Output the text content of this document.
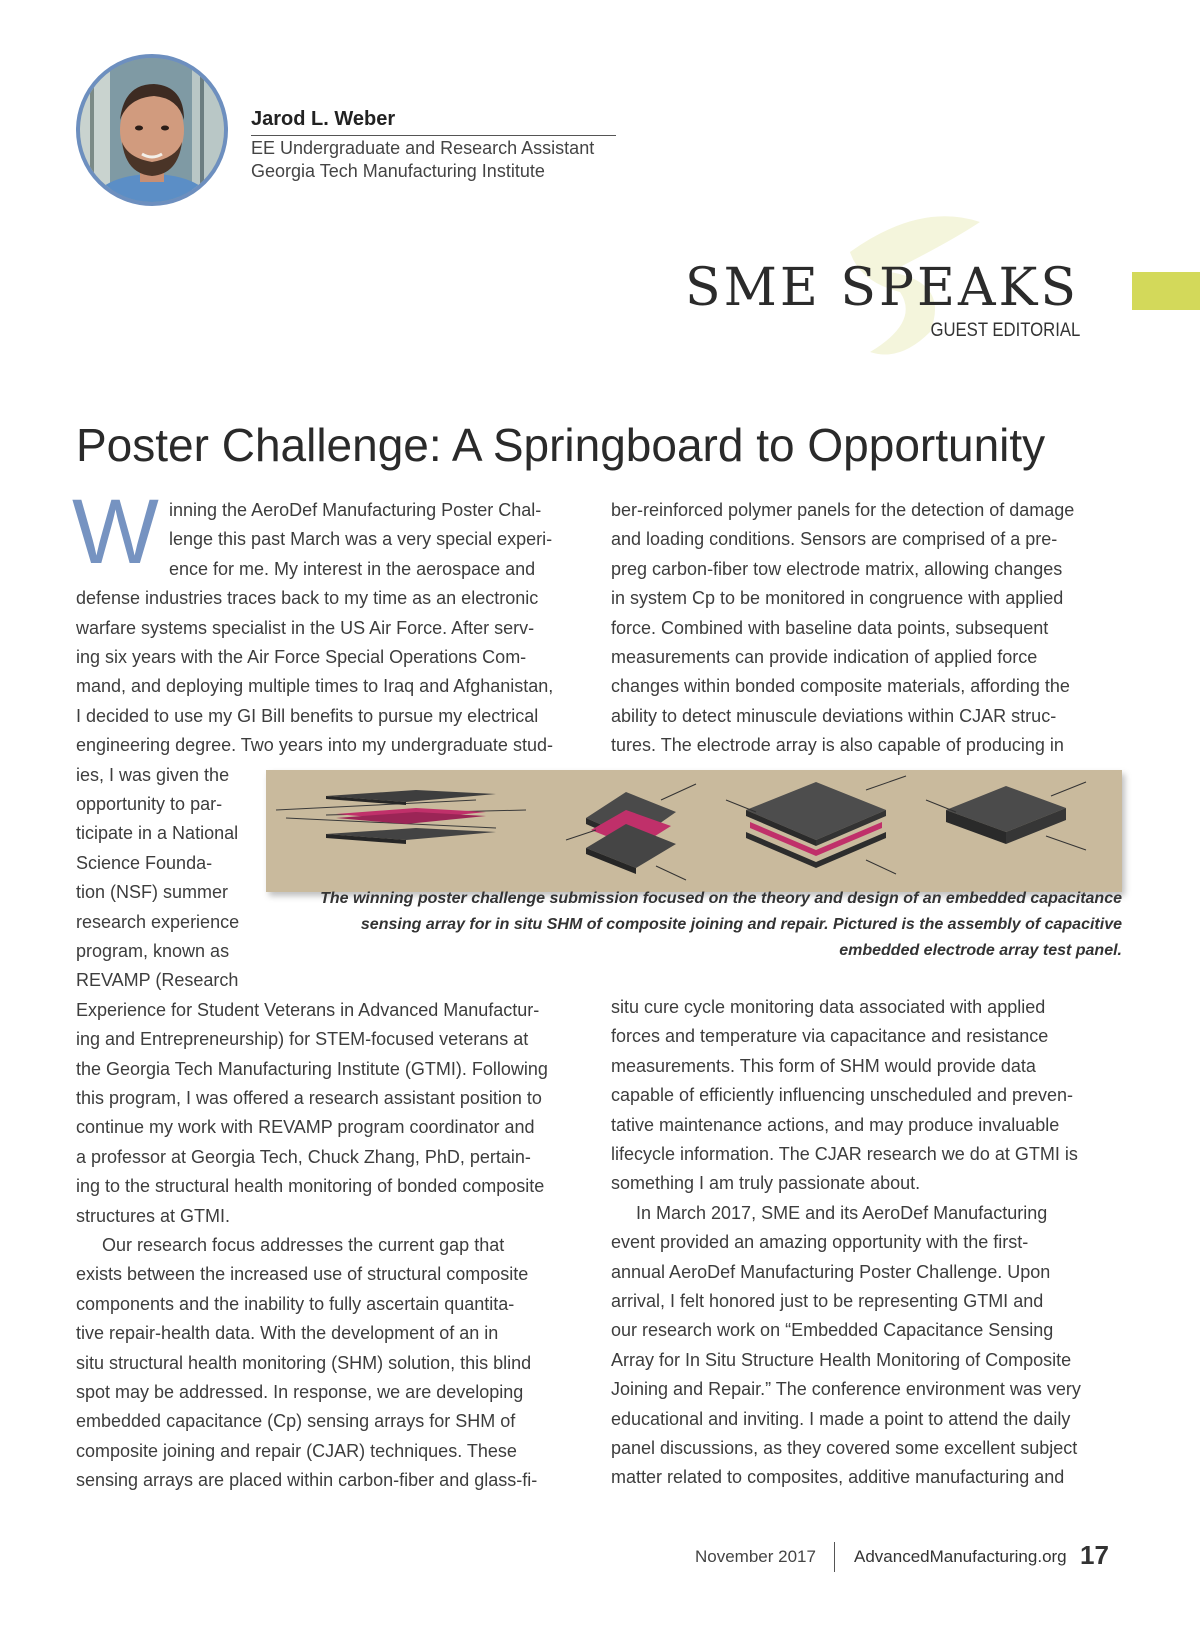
Jarod L. Weber
EE Undergraduate and Research Assistant
Georgia Tech Manufacturing Institute
SME SPEAKS
GUEST EDITORIAL
Poster Challenge: A Springboard to Opportunity
W inning the AeroDef Manufacturing Poster Chal-
lenge this past March was a very special experi-
ence for me. My interest in the aerospace and
defense industries traces back to my time as an electronic
warfare systems specialist in the US Air Force. After serv-
ing six years with the Air Force Special Operations Com-
mand, and deploying multiple times to Iraq and Afghanistan,
I decided to use my GI Bill benefits to pursue my electrical
engineering degree. Two years into my undergraduate stud-
ies, I was given the
opportunity to par-
ticipate in a National
Science Founda-
tion (NSF) summer
research experience
program, known as
REVAMP (Research
Experience for Student Veterans in Advanced Manufactur-
ing and Entrepreneurship) for STEM-focused veterans at
the Georgia Tech Manufacturing Institute (GTMI). Following
this program, I was offered a research assistant position to
continue my work with REVAMP program coordinator and
a professor at Georgia Tech, Chuck Zhang, PhD, pertain-
ing to the structural health monitoring of bonded composite
structures at GTMI.
Our research focus addresses the current gap that
exists between the increased use of structural composite
components and the inability to fully ascertain quantita-
tive repair-health data. With the development of an in
situ structural health monitoring (SHM) solution, this blind
spot may be addressed. In response, we are developing
embedded capacitance (Cp) sensing arrays for SHM of
composite joining and repair (CJAR) techniques. These
sensing arrays are placed within carbon-fiber and glass-fi-
ber-reinforced polymer panels for the detection of damage
and loading conditions. Sensors are comprised of a pre-
preg carbon-fiber tow electrode matrix, allowing changes
in system Cp to be monitored in congruence with applied
force. Combined with baseline data points, subsequent
measurements can provide indication of applied force
changes within bonded composite materials, affording the
ability to detect minuscule deviations within CJAR struc-
tures. The electrode array is also capable of producing in
situ cure cycle monitoring data associated with applied
forces and temperature via capacitance and resistance
measurements. This form of SHM would provide data
capable of efficiently influencing unscheduled and preven-
tative maintenance actions, and may produce invaluable
lifecycle information. The CJAR research we do at GTMI is
something I am truly passionate about.
In March 2017, SME and its AeroDef Manufacturing
event provided an amazing opportunity with the first-
annual AeroDef Manufacturing Poster Challenge. Upon
arrival, I felt honored just to be representing GTMI and
our research work on “Embedded Capacitance Sensing
Array for In Situ Structure Health Monitoring of Composite
Joining and Repair.” The conference environment was very
educational and inviting. I made a point to attend the daily
panel discussions, as they covered some excellent subject
matter related to composites, additive manufacturing and
The winning poster challenge submission focused on the theory and design of an embedded capacitance
sensing array for in situ SHM of composite joining and repair. Pictured is the assembly of capacitive
embedded electrode array test panel.
November 2017 AdvancedManufacturing.org 17
